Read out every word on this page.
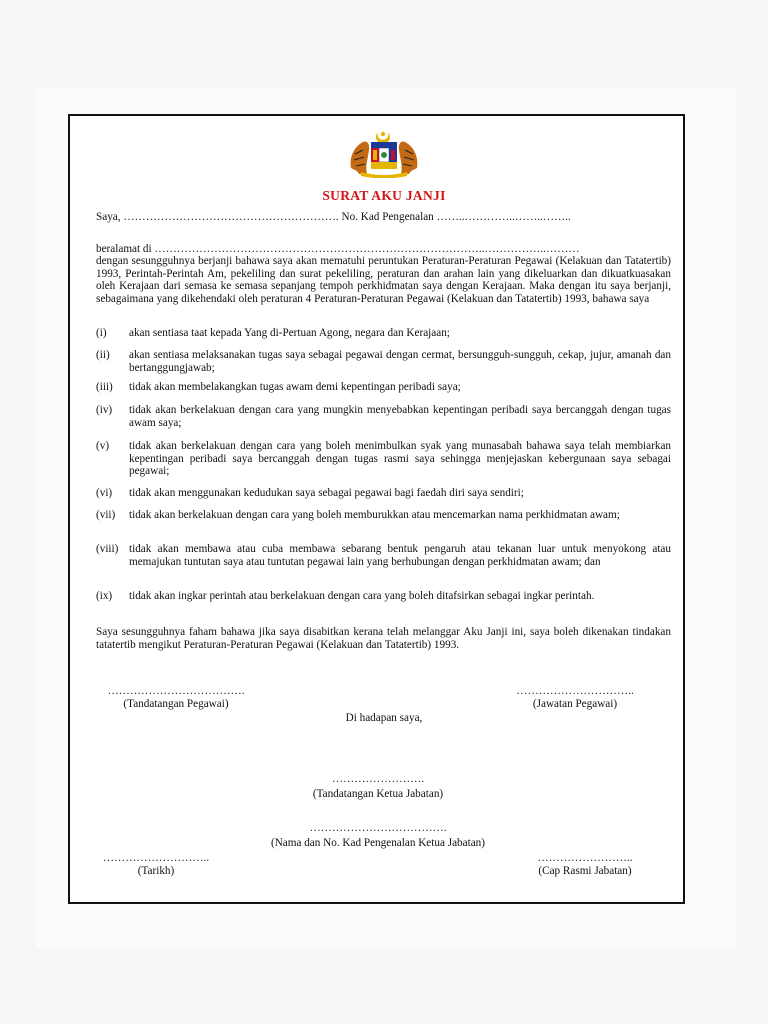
SURAT AKU JANJI
Saya, …………………………………………………. No. Kad Pengenalan ……..…………..……..……..
beralamat di ……………………………………………………………………………..……………..………
dengan sesungguhnya berjanji bahawa saya akan mematuhi peruntukan Peraturan-Peraturan Pegawai (Kelakuan dan Tatatertib) 1993, Perintah-Perintah Am, pekeliling dan surat pekeliling, peraturan dan arahan lain yang dikeluarkan dan dikuatkuasakan oleh Kerajaan dari semasa ke semasa sepanjang tempoh perkhidmatan saya dengan Kerajaan. Maka dengan itu saya berjanji, sebagaimana yang dikehendaki oleh peraturan 4 Peraturan-Peraturan Pegawai (Kelakuan dan Tatatertib) 1993, bahawa saya
(i)	akan sentiasa taat kepada Yang di-Pertuan Agong, negara dan Kerajaan;
(ii)	akan sentiasa melaksanakan tugas saya sebagai pegawai dengan cermat, bersungguh-sungguh, cekap, jujur, amanah dan bertanggungjawab;
(iii)	tidak akan membelakangkan tugas awam demi kepentingan peribadi saya;
(iv)	tidak akan berkelakuan dengan cara yang mungkin menyebabkan kepentingan peribadi saya bercanggah dengan tugas awam saya;
(v)	tidak akan berkelakuan dengan cara yang boleh menimbulkan syak yang munasabah bahawa saya telah membiarkan kepentingan peribadi saya bercanggah dengan tugas rasmi saya sehingga menjejaskan kebergunaan saya sebagai pegawai;
(vi)	tidak akan menggunakan kedudukan saya sebagai pegawai bagi faedah diri saya sendiri;
(vii)	tidak akan berkelakuan dengan cara yang boleh memburukkan atau mencemarkan nama perkhidmatan awam;
(viii) tidak akan membawa atau cuba membawa sebarang bentuk pengaruh atau tekanan luar untuk menyokong atau memajukan tuntutan saya atau tuntutan pegawai lain yang berhubungan dengan perkhidmatan awam; dan
(ix)	tidak akan ingkar perintah atau berkelakuan dengan cara yang boleh ditafsirkan sebagai ingkar perintah.
Saya sesungguhnya faham bahawa jika saya disabitkan kerana telah melanggar Aku Janji ini, saya boleh dikenakan tindakan tatatertib mengikut Peraturan-Peraturan Pegawai (Kelakuan dan Tatatertib) 1993.
……………………………….
(Tandatangan Pegawai)
…………………………..
(Jawatan Pegawai)
Di hadapan saya,
…………………….
(Tandatangan Ketua Jabatan)
……………………………….
(Nama dan No. Kad Pengenalan Ketua Jabatan)
………………………..
(Tarikh)
……………………..
(Cap Rasmi Jabatan)
